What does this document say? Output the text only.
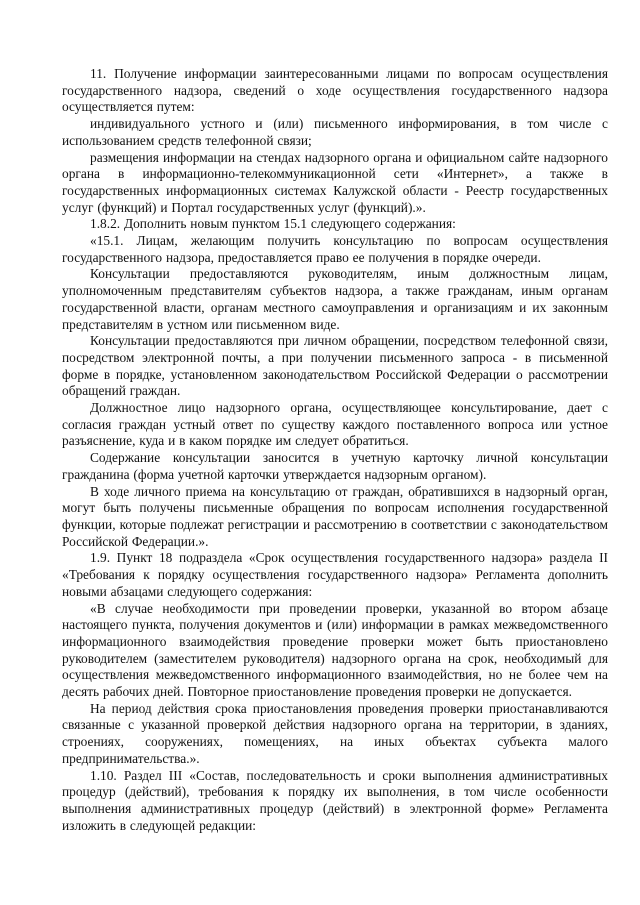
11. Получение информации заинтересованными лицами по вопросам осуществления государственного надзора, сведений о ходе осуществления государственного надзора осуществляется путем:

индивидуального устного и (или) письменного информирования, в том числе с использованием средств телефонной связи;

размещения информации на стендах надзорного органа и официальном сайте надзорного органа в информационно-телекоммуникационной сети «Интернет», а также в государственных информационных системах Калужской области - Реестр государственных услуг (функций) и Портал государственных услуг (функций).».

1.8.2. Дополнить новым пунктом 15.1 следующего содержания:

«15.1. Лицам, желающим получить консультацию по вопросам осуществления государственного надзора, предоставляется право ее получения в порядке очереди.

Консультации предоставляются руководителям, иным должностным лицам, уполномоченным представителям субъектов надзора, а также гражданам, иным органам государственной власти, органам местного самоуправления и организациям и их законным представителям в устном или письменном виде.

Консультации предоставляются при личном обращении, посредством телефонной связи, посредством электронной почты, а при получении письменного запроса - в письменной форме в порядке, установленном законодательством Российской Федерации о рассмотрении обращений граждан.

Должностное лицо надзорного органа, осуществляющее консультирование, дает с согласия граждан устный ответ по существу каждого поставленного вопроса или устное разъяснение, куда и в каком порядке им следует обратиться.

Содержание консультации заносится в учетную карточку личной консультации гражданина (форма учетной карточки утверждается надзорным органом).

В ходе личного приема на консультацию от граждан, обратившихся в надзорный орган, могут быть получены письменные обращения по вопросам исполнения государственной функции, которые подлежат регистрации и рассмотрению в соответствии с законодательством Российской Федерации.».

1.9. Пункт 18 подраздела «Срок осуществления государственного надзора» раздела II «Требования к порядку осуществления государственного надзора» Регламента дополнить новыми абзацами следующего содержания:

«В случае необходимости при проведении проверки, указанной во втором абзаце настоящего пункта, получения документов и (или) информации в рамках межведомственного информационного взаимодействия проведение проверки может быть приостановлено руководителем (заместителем руководителя) надзорного органа на срок, необходимый для осуществления межведомственного информационного взаимодействия, но не более чем на десять рабочих дней. Повторное приостановление проведения проверки не допускается.

На период действия срока приостановления проведения проверки приостанавливаются связанные с указанной проверкой действия надзорного органа на территории, в зданиях, строениях, сооружениях, помещениях, на иных объектах субъекта малого предпринимательства.».

1.10. Раздел III «Состав, последовательность и сроки выполнения административных процедур (действий), требования к порядку их выполнения, в том числе особенности выполнения административных процедур (действий) в электронной форме» Регламента изложить в следующей редакции:
